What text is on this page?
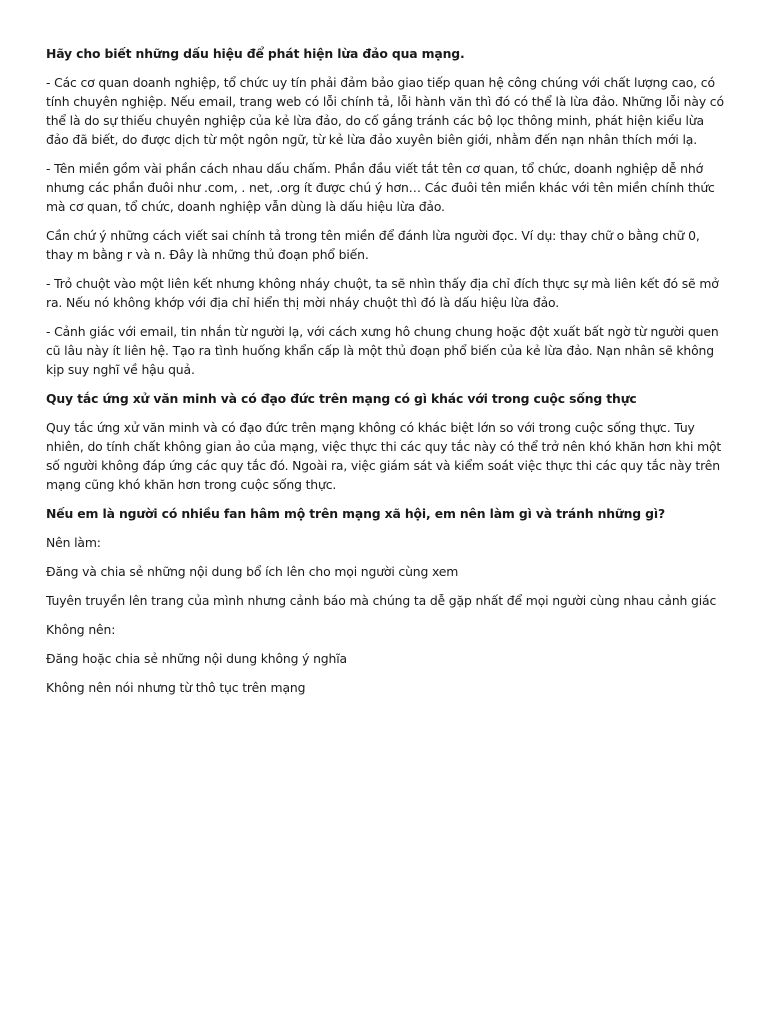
Hãy cho biết những dấu hiệu để phát hiện lừa đảo qua mạng.

- Các cơ quan doanh nghiệp, tổ chức uy tín phải đảm bảo giao tiếp quan hệ công chúng với chất lượng cao, có tính chuyên nghiệp. Nếu email, trang web có lỗi chính tả, lỗi hành văn thì đó có thể là lừa đảo. Những lỗi này có thể là do sự thiếu chuyên nghiệp của kẻ lừa đảo, do cố gắng tránh các bộ lọc thông minh, phát hiện kiểu lừa đảo đã biết, do được dịch từ một ngôn ngữ, từ kẻ lừa đảo xuyên biên giới, nhằm đến nạn nhân thích mới lạ.

- Tên miền gồm vài phần cách nhau dấu chấm. Phần đầu viết tắt tên cơ quan, tổ chức, doanh nghiệp dễ nhớ nhưng các phần đuôi như .com, . net, .org ít được chú ý hơn… Các đuôi tên miền khác với tên miền chính thức mà cơ quan, tổ chức, doanh nghiệp vẫn dùng là dấu hiệu lừa đảo.

Cần chứ ý những cách viết sai chính tả trong tên miền để đánh lừa người đọc. Ví dụ: thay chữ o bằng chữ 0, thay m bằng r và n. Đây là những thủ đoạn phổ biến.

- Trỏ chuột vào một liên kết nhưng không nháy chuột, ta sẽ nhìn thấy địa chỉ đích thực sự mà liên kết đó sẽ mở ra. Nếu nó không khớp với địa chỉ hiển thị mời nháy chuột thì đó là dấu hiệu lừa đảo.

- Cảnh giác với email, tin nhắn từ người lạ, với cách xưng hô chung chung hoặc đột xuất bất ngờ từ người quen cũ lâu này ít liên hệ. Tạo ra tình huống khẩn cấp là một thủ đoạn phổ biến của kẻ lừa đảo. Nạn nhân sẽ không kịp suy nghĩ về hậu quả.

Quy tắc ứng xử văn minh và có đạo đức trên mạng có gì khác với trong cuộc sống thực

Quy tắc ứng xử văn minh và có đạo đức trên mạng không có khác biệt lớn so với trong cuộc sống thực. Tuy nhiên, do tính chất không gian ảo của mạng, việc thực thi các quy tắc này có thể trở nên khó khăn hơn khi một số người không đáp ứng các quy tắc đó. Ngoài ra, việc giám sát và kiểm soát việc thực thi các quy tắc này trên mạng cũng khó khăn hơn trong cuộc sống thực.

Nếu em là người có nhiều fan hâm mộ trên mạng xã hội, em nên làm gì và tránh những gì?

Nên làm:

Đăng và chia sẻ những nội dung bổ ích lên cho mọi người cùng xem

Tuyên truyền lên trang của mình nhưng cảnh báo mà chúng ta dễ gặp nhất để mọi người cùng nhau cảnh giác

Không nên:

Đăng hoặc chia sẻ những nội dung không ý nghĩa

Không nên nói nhưng từ thô tục trên mạng
